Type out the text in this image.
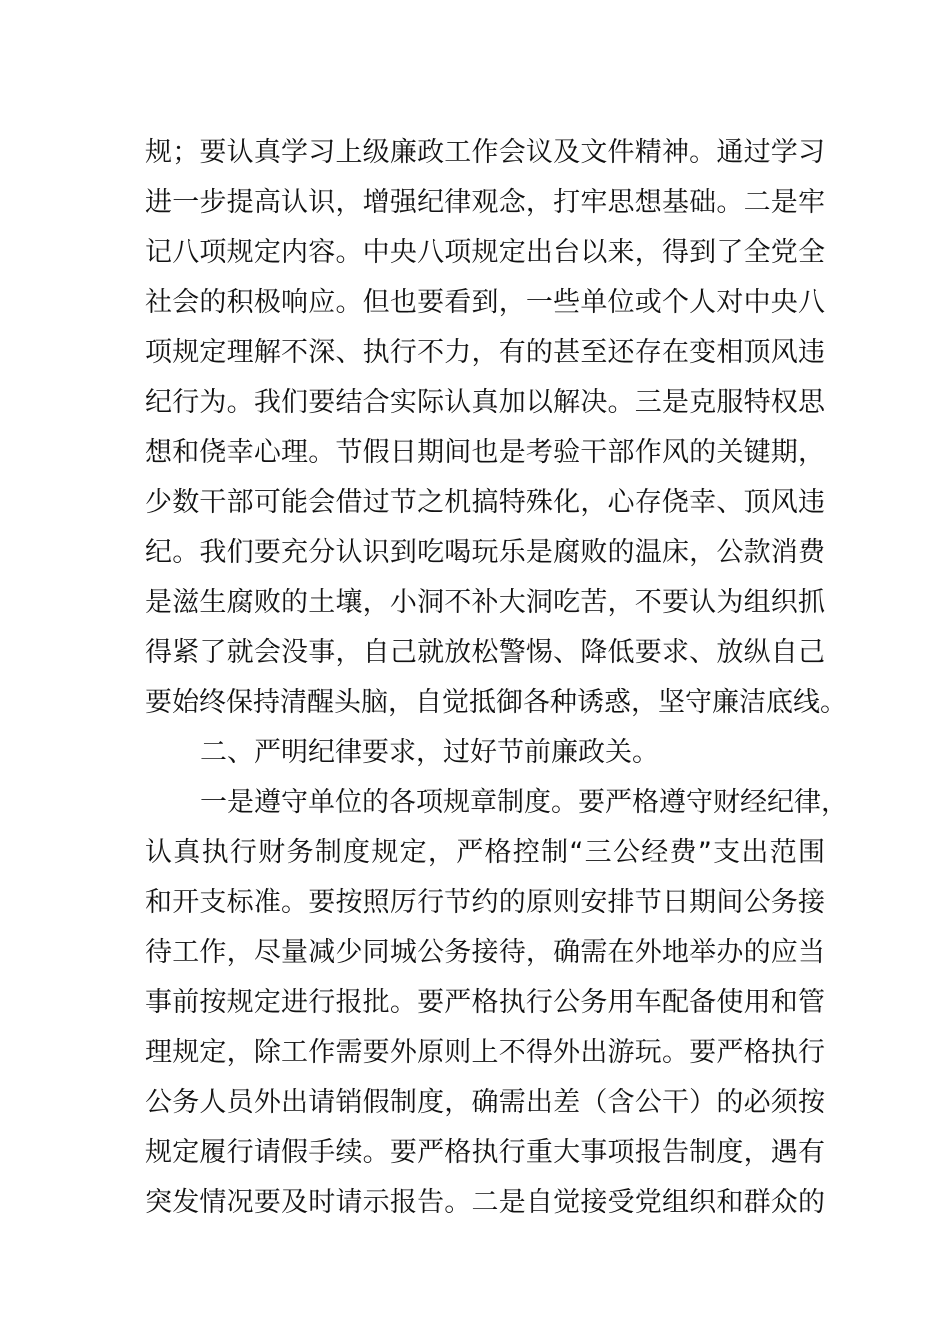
规；要认真学习上级廉政工作会议及文件精神。通过学习
进一步提高认识，增强纪律观念，打牢思想基础。二是牢
记八项规定内容。中央八项规定出台以来，得到了全党全
社会的积极响应。但也要看到，一些单位或个人对中央八
项规定理解不深、执行不力，有的甚至还存在变相顶风违
纪行为。我们要结合实际认真加以解决。三是克服特权思
想和侥幸心理。节假日期间也是考验干部作风的关键期，
少数干部可能会借过节之机搞特殊化，心存侥幸、顶风违
纪。我们要充分认识到吃喝玩乐是腐败的温床，公款消费
是滋生腐败的土壤，小洞不补大洞吃苦，不要认为组织抓
得紧了就会没事，自己就放松警惕、降低要求、放纵自己
要始终保持清醒头脑，自觉抵御各种诱惑，坚守廉洁底线。
二、严明纪律要求，过好节前廉政关。
一是遵守单位的各项规章制度。要严格遵守财经纪律，
认真执行财务制度规定，严格控制“三公经费”支出范围
和开支标准。要按照厉行节约的原则安排节日期间公务接
待工作，尽量减少同城公务接待，确需在外地举办的应当
事前按规定进行报批。要严格执行公务用车配备使用和管
理规定，除工作需要外原则上不得外出游玩。要严格执行
公务人员外出请销假制度，确需出差（含公干）的必须按
规定履行请假手续。要严格执行重大事项报告制度，遇有
突发情况要及时请示报告。二是自觉接受党组织和群众的
